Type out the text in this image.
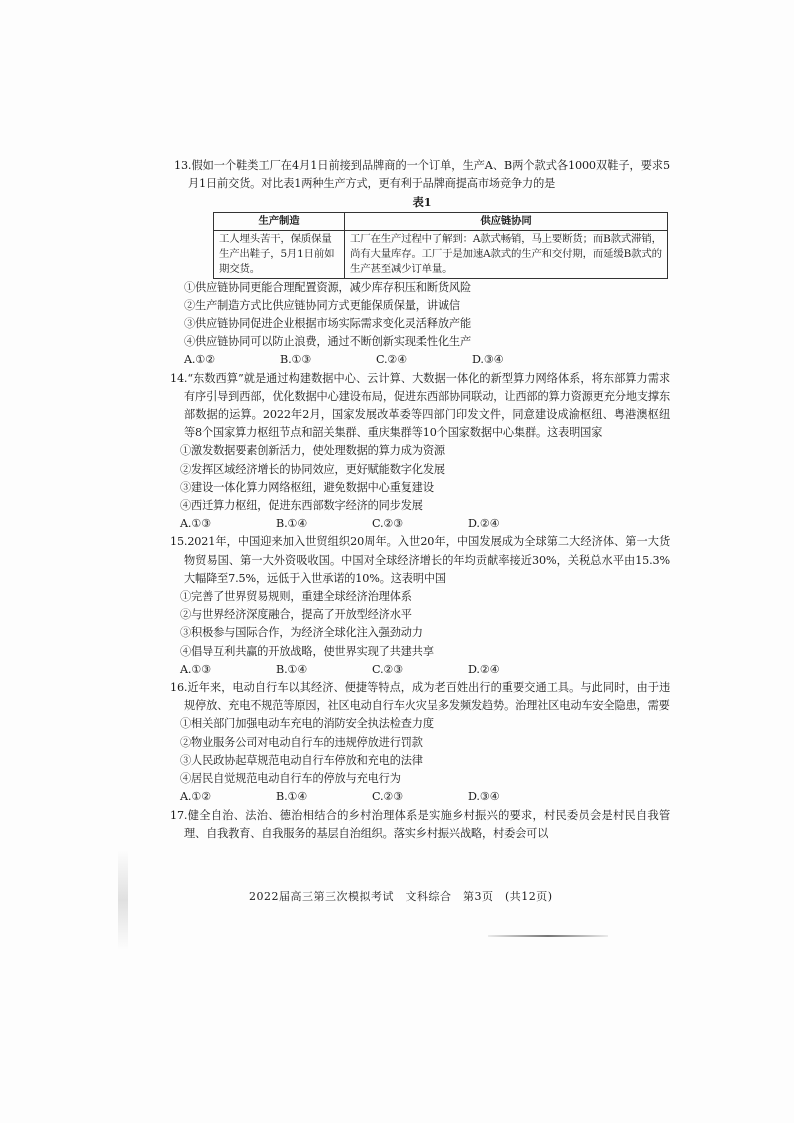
13.假如一个鞋类工厂在4月1日前接到品牌商的一个订单，生产A、B两个款式各1000双鞋子，要求5月1日前交货。对比表1两种生产方式，更有利于品牌商提高市场竞争力的是
表1
生产制造	供应链协同
工人埋头苦干，保质保量生产出鞋子，5月1日前如期交货。	工厂在生产过程中了解到：A款式畅销，马上要断货；而B款式滞销，尚有大量库存。工厂于是加速A款式的生产和交付期，而延缓B款式的生产甚至减少订单量。
①供应链协同更能合理配置资源，减少库存积压和断货风险
②生产制造方式比供应链协同方式更能保质保量，讲诚信
③供应链协同促进企业根据市场实际需求变化灵活释放产能
④供应链协同可以防止浪费，通过不断创新实现柔性化生产
A.①②	B.①③	C.②④	D.③④
14.“东数西算”就是通过构建数据中心、云计算、大数据一体化的新型算力网络体系，将东部算力需求有序引导到西部，优化数据中心建设布局，促进东西部协同联动，让西部的算力资源更充分地支撑东部数据的运算。2022年2月，国家发展改革委等四部门印发文件，同意建设成渝枢纽、粤港澳枢纽等8个国家算力枢纽节点和韶关集群、重庆集群等10个国家数据中心集群。这表明国家
①激发数据要素创新活力，使处理数据的算力成为资源
②发挥区域经济增长的协同效应，更好赋能数字化发展
③建设一体化算力网络枢纽，避免数据中心重复建设
④西迁算力枢纽，促进东西部数字经济的同步发展
A.①③	B.①④	C.②③	D.②④
15.2021年，中国迎来加入世贸组织20周年。入世20年，中国发展成为全球第二大经济体、第一大货物贸易国、第一大外资吸收国。中国对全球经济增长的年均贡献率接近30%，关税总水平由15.3%大幅降至7.5%，远低于入世承诺的10%。这表明中国
①完善了世界贸易规则，重建全球经济治理体系
②与世界经济深度融合，提高了开放型经济水平
③积极参与国际合作，为经济全球化注入强劲动力
④倡导互利共赢的开放战略，使世界实现了共建共享
A.①③	B.①④	C.②③	D.②④
16.近年来，电动自行车以其经济、便捷等特点，成为老百姓出行的重要交通工具。与此同时，由于违规停放、充电不规范等原因，社区电动自行车火灾呈多发频发趋势。治理社区电动车安全隐患，需要
①相关部门加强电动车充电的消防安全执法检查力度
②物业服务公司对电动自行车的违规停放进行罚款
③人民政协起草规范电动自行车停放和充电的法律
④居民自觉规范电动自行车的停放与充电行为
A.①②	B.①④	C.②③	D.③④
17.健全自治、法治、德治相结合的乡村治理体系是实施乡村振兴的要求，村民委员会是村民自我管理、自我教育、自我服务的基层自治组织。落实乡村振兴战略，村委会可以
2022届高三第三次模拟考试　文科综合　第3页　(共12页)
